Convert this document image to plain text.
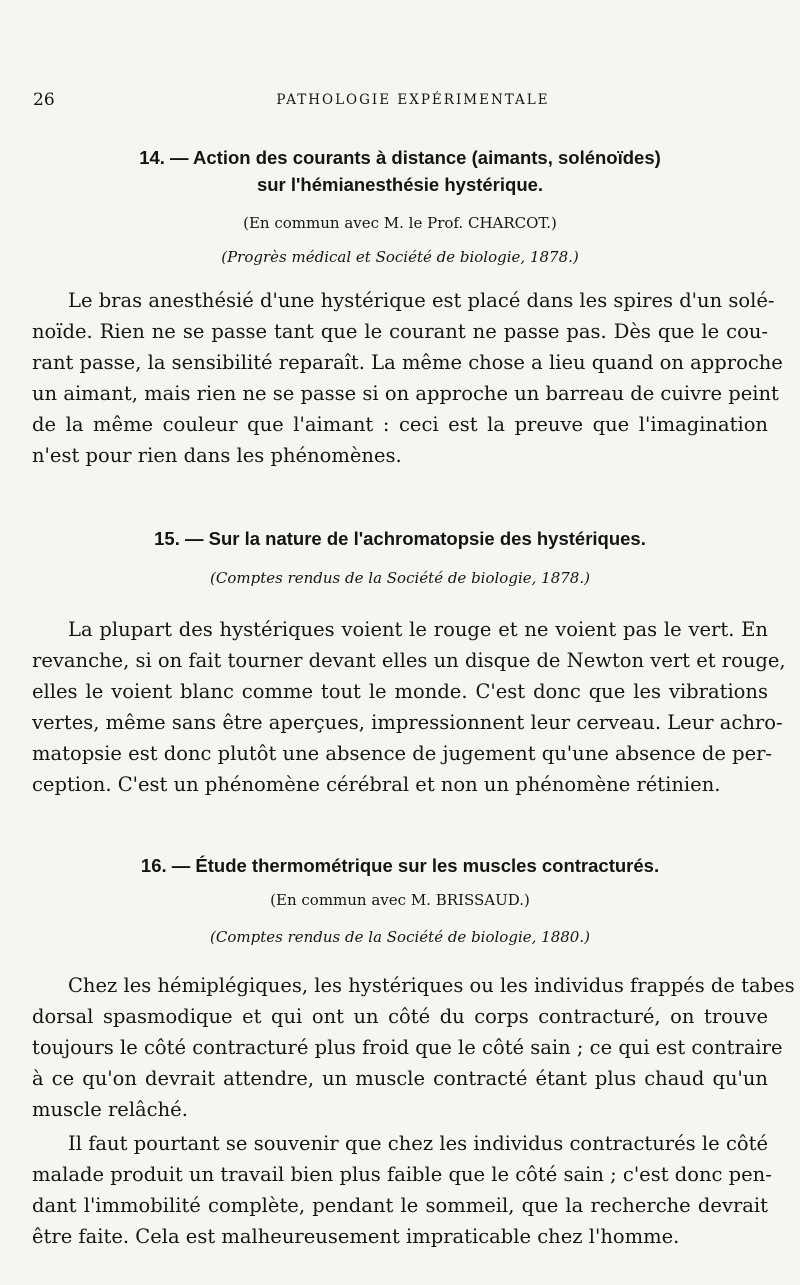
26	PATHOLOGIE EXPÉRIMENTALE
14. — Action des courants à distance (aimants, solénoïdes)
sur l'hémianesthésie hystérique.
(En commun avec M. le Prof. CHARCOT.)
(Progrès médical et Société de biologie, 1878.)
Le bras anesthésié d'une hystérique est placé dans les spires d'un solé-
noïde. Rien ne se passe tant que le courant ne passe pas. Dès que le cou-
rant passe, la sensibilité reparaît. La même chose a lieu quand on approche
un aimant, mais rien ne se passe si on approche un barreau de cuivre peint
de la même couleur que l'aimant : ceci est la preuve que l'imagination
n'est pour rien dans les phénomènes.
15. — Sur la nature de l'achromatopsie des hystériques.
(Comptes rendus de la Société de biologie, 1878.)
La plupart des hystériques voient le rouge et ne voient pas le vert. En
revanche, si on fait tourner devant elles un disque de Newton vert et rouge,
elles le voient blanc comme tout le monde. C'est donc que les vibrations
vertes, même sans être aperçues, impressionnent leur cerveau. Leur achro-
matopsie est donc plutôt une absence de jugement qu'une absence de per-
ception. C'est un phénomène cérébral et non un phénomène rétinien.
16. — Étude thermométrique sur les muscles contracturés.
(En commun avec M. BRISSAUD.)
(Comptes rendus de la Société de biologie, 1880.)
Chez les hémiplégiques, les hystériques ou les individus frappés de tabes
dorsal spasmodique et qui ont un côté du corps contracturé, on trouve
toujours le côté contracturé plus froid que le côté sain ; ce qui est contraire
à ce qu'on devrait attendre, un muscle contracté étant plus chaud qu'un
muscle relâché.
Il faut pourtant se souvenir que chez les individus contracturés le côté
malade produit un travail bien plus faible que le côté sain ; c'est donc pen-
dant l'immobilité complète, pendant le sommeil, que la recherche devrait
être faite. Cela est malheureusement impraticable chez l'homme.
